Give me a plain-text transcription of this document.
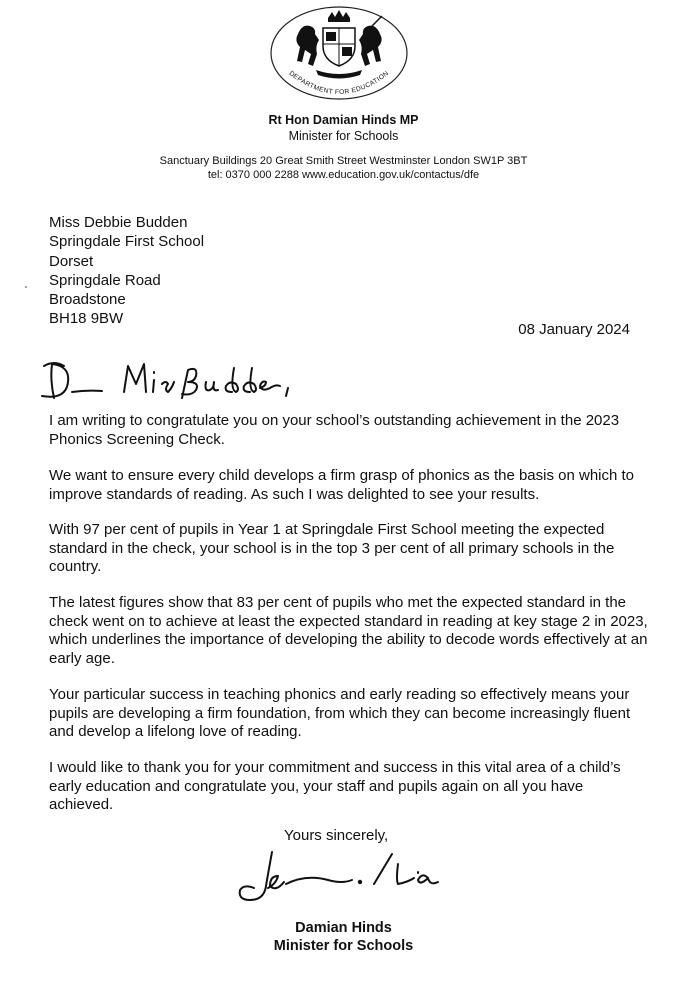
DEPARTMENT FOR EDUCATION
Rt Hon Damian Hinds MP
Minister for Schools
Sanctuary Buildings 20 Great Smith Street Westminster London SW1P 3BT
tel: 0370 000 2288 www.education.gov.uk/contactus/dfe
Miss Debbie Budden
Springdale First School
Dorset
Springdale Road
Broadstone
BH18 9BW
08 January 2024
I am writing to congratulate you on your school’s outstanding achievement in the 2023 Phonics Screening Check.
We want to ensure every child develops a firm grasp of phonics as the basis on which to improve standards of reading. As such I was delighted to see your results.
With 97 per cent of pupils in Year 1 at Springdale First School meeting the expected standard in the check, your school is in the top 3 per cent of all primary schools in the country.
The latest figures show that 83 per cent of pupils who met the expected standard in the check went on to achieve at least the expected standard in reading at key stage 2 in 2023, which underlines the importance of developing the ability to decode words effectively at an early age.
Your particular success in teaching phonics and early reading so effectively means your pupils are developing a firm foundation, from which they can become increasingly fluent and develop a lifelong love of reading.
I would like to thank you for your commitment and success in this vital area of a child’s early education and congratulate you, your staff and pupils again on all you have achieved.
Yours sincerely,
Damian Hinds
Minister for Schools
